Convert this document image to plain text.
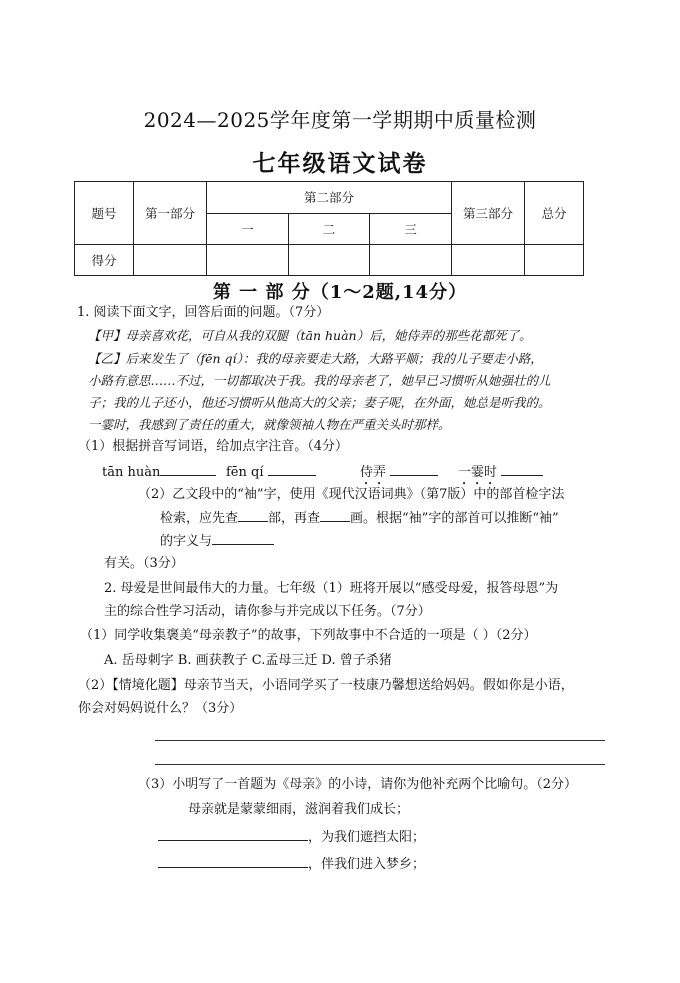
2024—2025学年度第一学期期中质量检测
七年级语文试卷
题号	第一部分	第二部分			第三部分	总分
		一	二	三		
得分						
第 一 部 分（1～2题,14分）
1. 阅读下面文字，回答后面的问题。（7分）
【甲】母亲喜欢花，可自从我的双腿（tān huàn）后，她侍弄的那些花都死了。
【乙】后来发生了（fēn qí）：我的母亲要走大路，大路平顺；我的儿子要走小路，
小路有意思……不过，一切都取决于我。我的母亲老了，她早已习惯听从她强壮的儿
子；我的儿子还小，他还习惯听从他高大的父亲；妻子呢，在外面，她总是听我的。
一霎时，我感到了责任的重大，就像领袖人物在严重关头时那样。
（1）根据拼音写词语，给加点字注音。（4分）
tān huàn	fēn qí	侍弄	一霎时
（2）乙文段中的“袖”字，使用《现代汉语词典》（第7版）中的部首检字法
检索，应先查 部，再查 画。根据“袖”字的部首可以推断“袖”
的字义与
有关。（3分）
2. 母爱是世间最伟大的力量。七年级（1）班将开展以“感受母爱，报答母恩”为
主的综合性学习活动，请你参与并完成以下任务。（7分）
（1）同学收集褒美“母亲教子”的故事，下列故事中不合适的一项是（ ）（2分）
A. 岳母刺字 B. 画获教子 C.孟母三迁 D. 曾子杀猪
（2）【情境化题】母亲节当天，小语同学买了一枝康乃馨想送给妈妈。假如你是小语，
你会对妈妈说什么？（3分）
（3）小明写了一首题为《母亲》的小诗，请你为他补充两个比喻句。（2分）
母亲就是蒙蒙细雨，滋润着我们成长；
，为我们遮挡太阳；
，伴我们进入梦乡；
